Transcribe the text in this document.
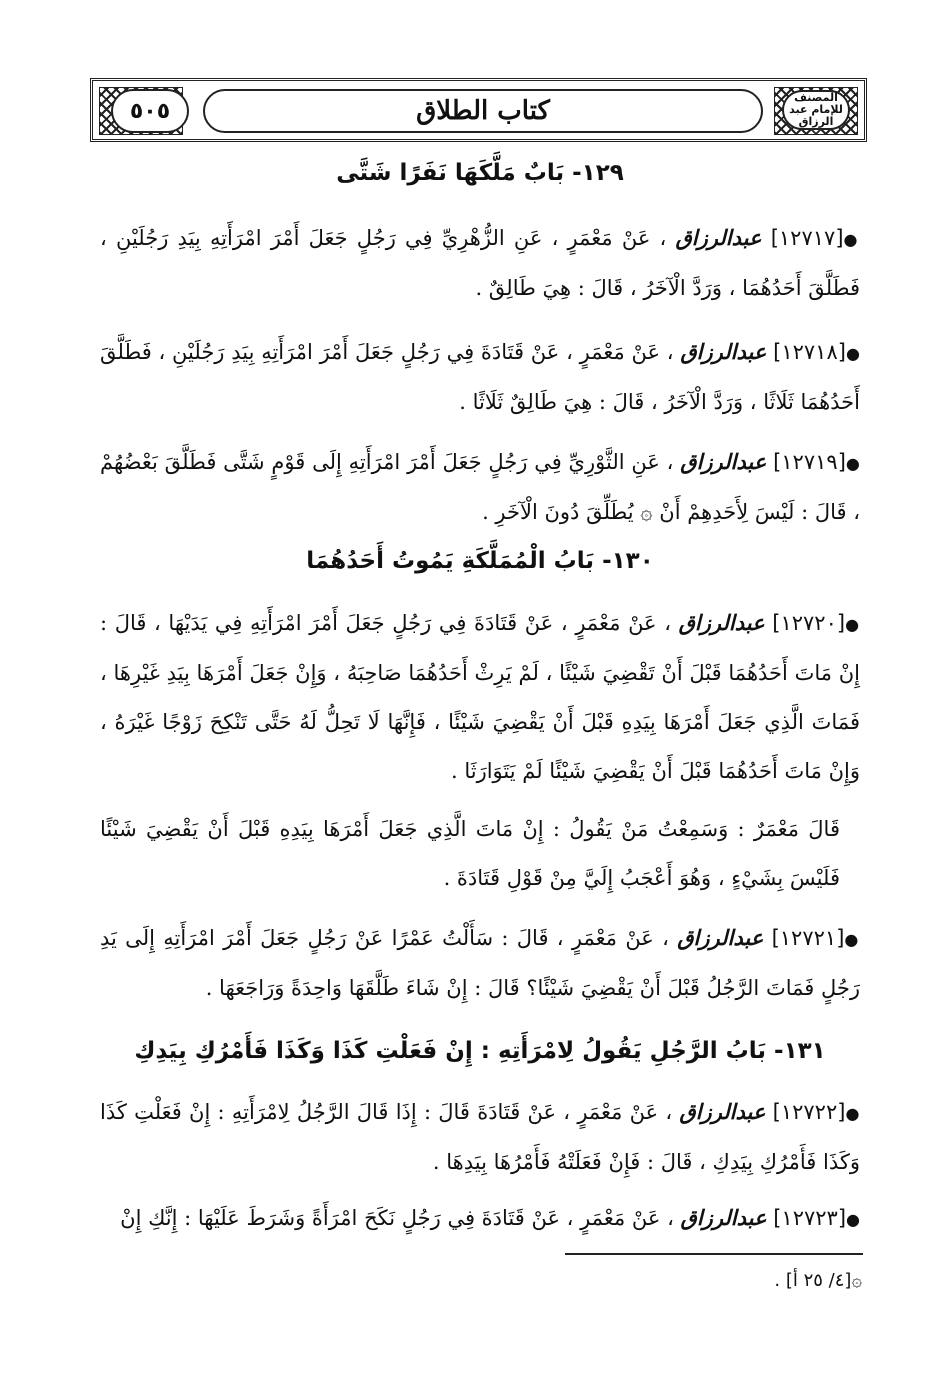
٥٠٥	كتاب الطلاق	المصنف للإمام عبد الرزاق
١٢٩- بَابٌ مَلَّكَهَا نَفَرًا شَتَّى
●[١٢٧١٧] عبدالرزاق ، عَنْ مَعْمَرٍ ، عَنِ الزُّهْرِيِّ فِي رَجُلٍ جَعَلَ أَمْرَ امْرَأَتِهِ بِيَدِ رَجُلَيْنِ ، فَطَلَّقَ أَحَدُهُمَا ، وَرَدَّ الْآخَرُ ، قَالَ : هِيَ طَالِقٌ .
●[١٢٧١٨] عبدالرزاق ، عَنْ مَعْمَرٍ ، عَنْ قَتَادَةَ فِي رَجُلٍ جَعَلَ أَمْرَ امْرَأَتِهِ بِيَدِ رَجُلَيْنِ ، فَطَلَّقَ أَحَدُهُمَا ثَلَاثًا ، وَرَدَّ الْآخَرُ ، قَالَ : هِيَ طَالِقٌ ثَلَاثًا .
●[١٢٧١٩] عبدالرزاق ، عَنِ الثَّوْرِيِّ فِي رَجُلٍ جَعَلَ أَمْرَ امْرَأَتِهِ إِلَى قَوْمٍ شَتَّى فَطَلَّقَ بَعْضُهُمْ ، قَالَ : لَيْسَ لِأَحَدِهِمْ أَنْ ۞ يُطَلِّقَ دُونَ الْآخَرِ .
١٣٠- بَابُ الْمُمَلَّكَةِ يَمُوتُ أَحَدُهُمَا
●[١٢٧٢٠] عبدالرزاق ، عَنْ مَعْمَرٍ ، عَنْ قَتَادَةَ فِي رَجُلٍ جَعَلَ أَمْرَ امْرَأَتِهِ فِي يَدَيْهَا ، قَالَ : إِنْ مَاتَ أَحَدُهُمَا قَبْلَ أَنْ تَقْضِيَ شَيْئًا ، لَمْ يَرِثْ أَحَدُهُمَا صَاحِبَهُ ، وَإِنْ جَعَلَ أَمْرَهَا بِيَدِ غَيْرِهَا ، فَمَاتَ الَّذِي جَعَلَ أَمْرَهَا بِيَدِهِ قَبْلَ أَنْ يَقْضِيَ شَيْئًا ، فَإِنَّهَا لَا تَحِلُّ لَهُ حَتَّى تَنْكِحَ زَوْجًا غَيْرَهُ ، وَإِنْ مَاتَ أَحَدُهُمَا قَبْلَ أَنْ يَقْضِيَ شَيْئًا لَمْ يَتَوَارَثَا .
قَالَ مَعْمَرٌ : وَسَمِعْتُ مَنْ يَقُولُ : إِنْ مَاتَ الَّذِي جَعَلَ أَمْرَهَا بِيَدِهِ قَبْلَ أَنْ يَقْضِيَ شَيْئًا فَلَيْسَ بِشَيْءٍ ، وَهُوَ أَعْجَبُ إِلَيَّ مِنْ قَوْلِ قَتَادَةَ .
●[١٢٧٢١] عبدالرزاق ، عَنْ مَعْمَرٍ ، قَالَ : سَأَلْتُ عَمْرًا عَنْ رَجُلٍ جَعَلَ أَمْرَ امْرَأَتِهِ إِلَى يَدِ رَجُلٍ فَمَاتَ الرَّجُلُ قَبْلَ أَنْ يَقْضِيَ شَيْئًا؟ قَالَ : إِنْ شَاءَ طَلَّقَهَا وَاحِدَةً وَرَاجَعَهَا .
١٣١- بَابُ الرَّجُلِ يَقُولُ لِامْرَأَتِهِ : إِنْ فَعَلْتِ كَذَا وَكَذَا فَأَمْرُكِ بِيَدِكِ
●[١٢٧٢٢] عبدالرزاق ، عَنْ مَعْمَرٍ ، عَنْ قَتَادَةَ قَالَ : إِذَا قَالَ الرَّجُلُ لِامْرَأَتِهِ : إِنْ فَعَلْتِ كَذَا وَكَذَا فَأَمْرُكِ بِيَدِكِ ، قَالَ : فَإِنْ فَعَلَتْهُ فَأَمْرُهَا بِيَدِهَا .
●[١٢٧٢٣] عبدالرزاق ، عَنْ مَعْمَرٍ ، عَنْ قَتَادَةَ فِي رَجُلٍ نَكَحَ امْرَأَةً وَشَرَطَ عَلَيْهَا : إِنَّكِ إِنْ
۞[٤/ ٢٥ أ] .
